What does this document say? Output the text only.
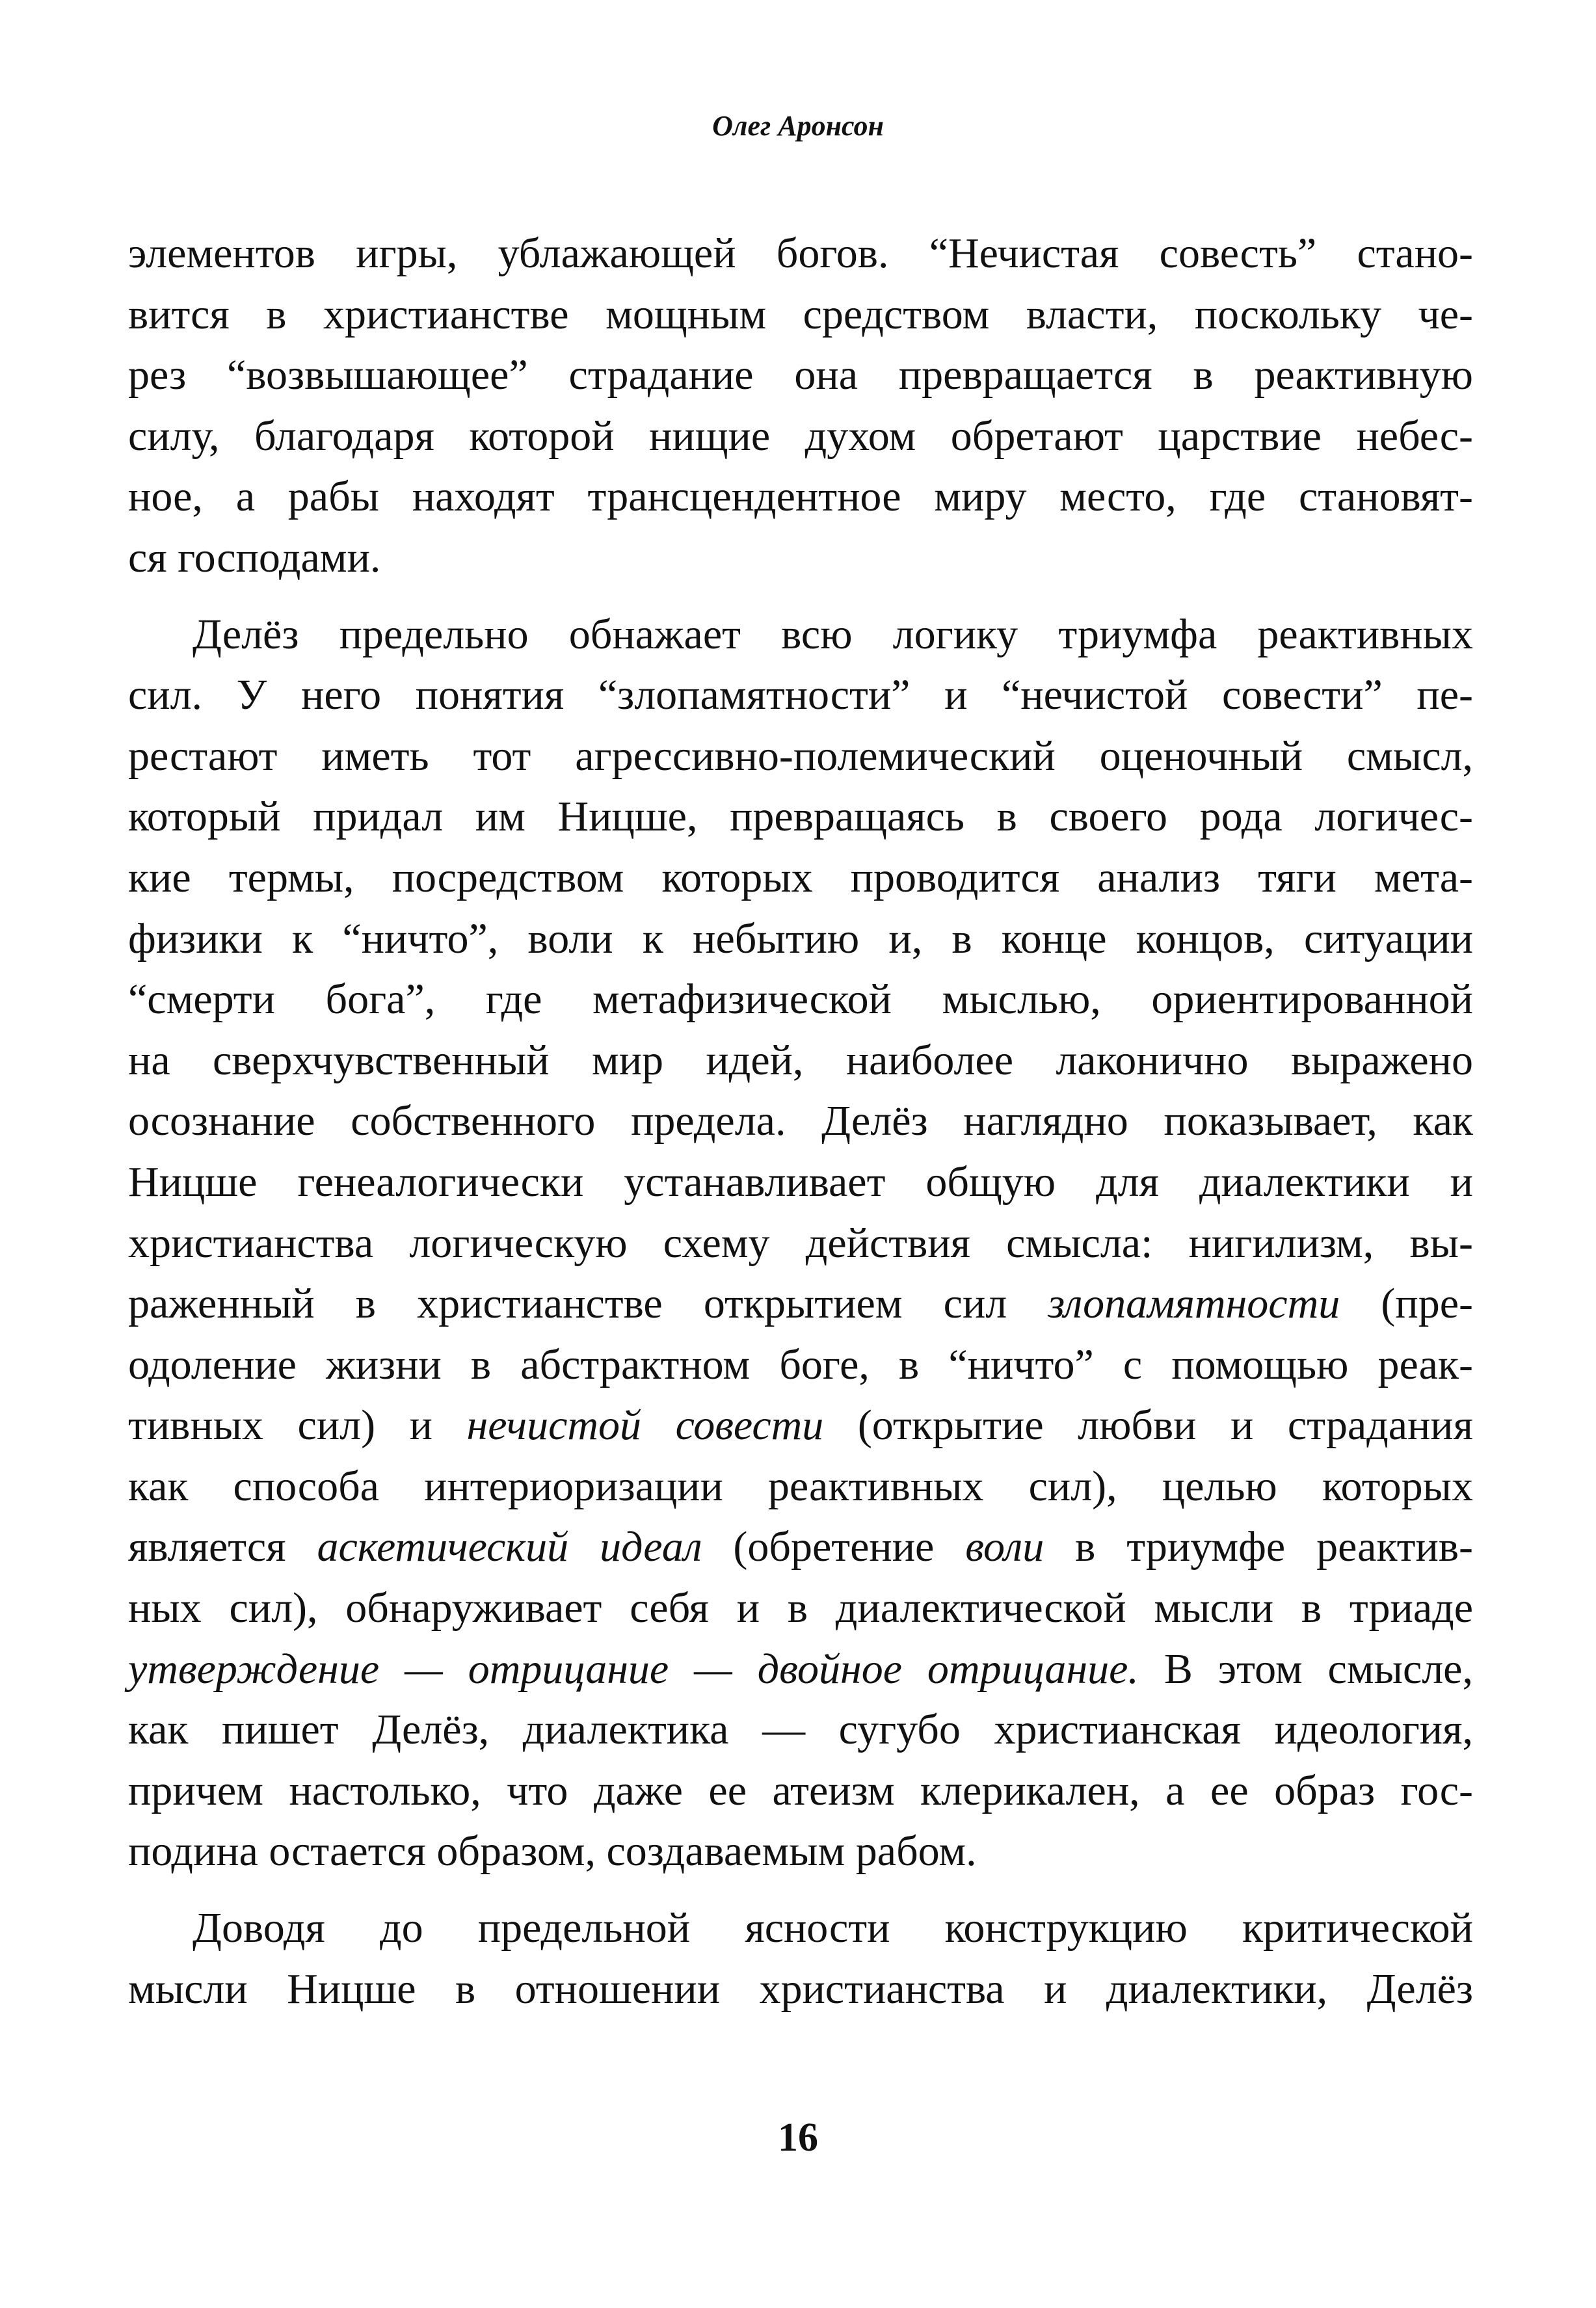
Олег Аронсон
элементов игры, ублажающей богов. “Нечистая совесть” стано-
вится в христианстве мощным средством власти, поскольку че-
рез “возвышающее” страдание она превращается в реактивную
силу, благодаря которой нищие духом обретают царствие небес-
ное, а рабы находят трансцендентное миру место, где становят-
ся господами.
Делёз предельно обнажает всю логику триумфа реактивных
сил. У него понятия “злопамятности” и “нечистой совести” пе-
рестают иметь тот агрессивно-полемический оценочный смысл,
который придал им Ницше, превращаясь в своего рода логичес-
кие термы, посредством которых проводится анализ тяги мета-
физики к “ничто”, воли к небытию и, в конце концов, ситуации
“смерти бога”, где метафизической мыслью, ориентированной
на сверхчувственный мир идей, наиболее лаконично выражено
осознание собственного предела. Делёз наглядно показывает, как
Ницше генеалогически устанавливает общую для диалектики и
христианства логическую схему действия смысла: нигилизм, вы-
раженный в христианстве открытием сил злопамятности (пре-
одоление жизни в абстрактном боге, в “ничто” с помощью реак-
тивных сил) и нечистой совести (открытие любви и страдания
как способа интериоризации реактивных сил), целью которых
является аскетический идеал (обретение воли в триумфе реактив-
ных сил), обнаруживает себя и в диалектической мысли в триаде
утверждение — отрицание — двойное отрицание. В этом смысле,
как пишет Делёз, диалектика — сугубо христианская идеология,
причем настолько, что даже ее атеизм клерикален, а ее образ гос-
подина остается образом, создаваемым рабом.
Доводя до предельной ясности конструкцию критической
мысли Ницше в отношении христианства и диалектики, Делёз
16
